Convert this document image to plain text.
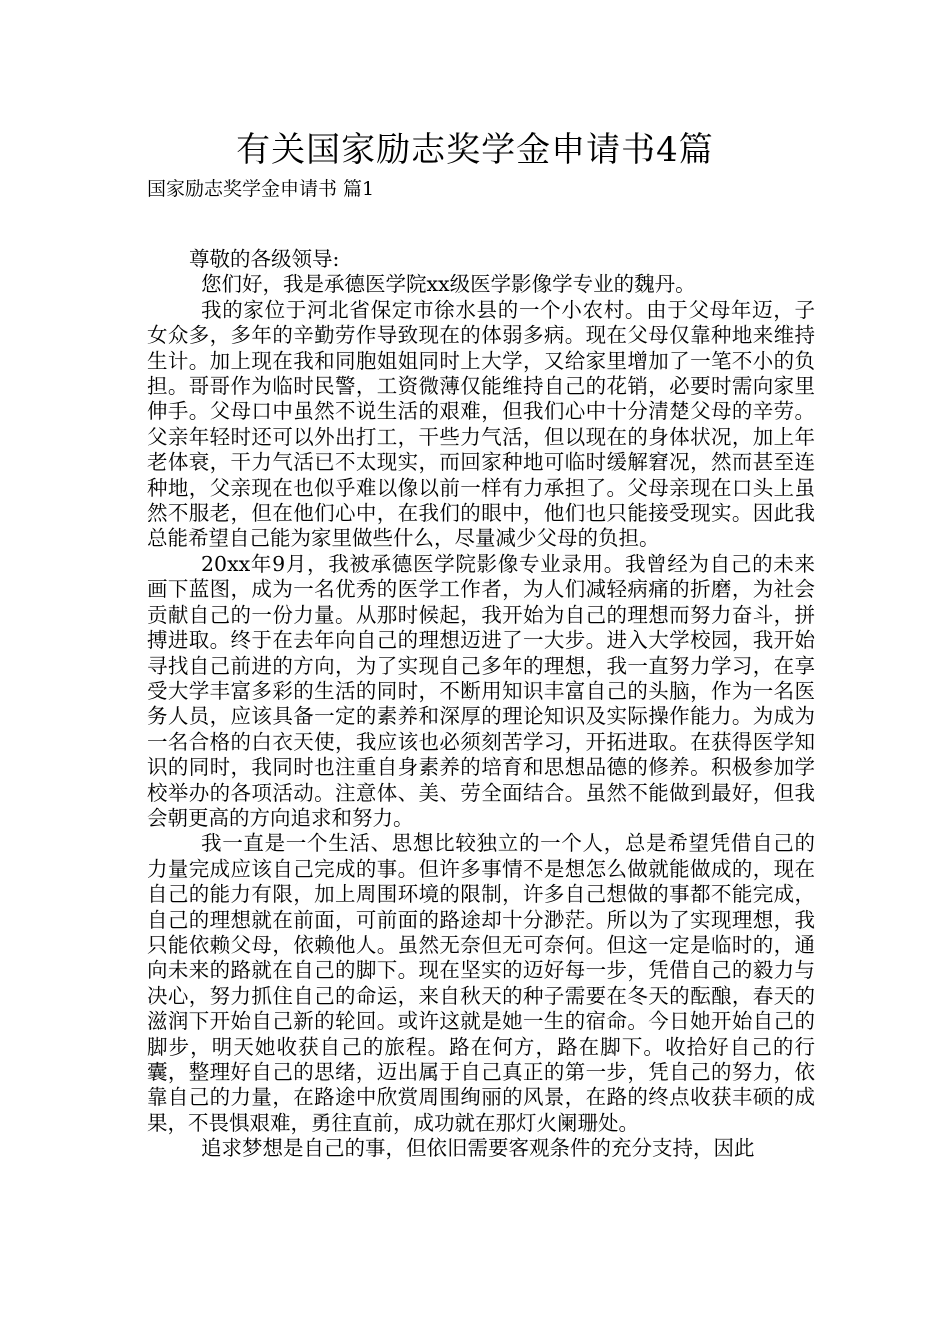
有关国家励志奖学金申请书4篇
国家励志奖学金申请书 篇1

尊敬的各级领导:

您们好，我是承德医学院xx级医学影像学专业的魏丹。

我的家位于河北省保定市徐水县的一个小农村。由于父母年迈，子女众多，多年的辛勤劳作导致现在的体弱多病。现在父母仅靠种地来维持生计。加上现在我和同胞姐姐同时上大学，又给家里增加了一笔不小的负担。哥哥作为临时民警，工资微薄仅能维持自己的花销，必要时需向家里伸手。父母口中虽然不说生活的艰难，但我们心中十分清楚父母的辛劳。父亲年轻时还可以外出打工，干些力气活，但以现在的身体状况，加上年老体衰，干力气活已不太现实，而回家种地可临时缓解窘况，然而甚至连种地，父亲现在也似乎难以像以前一样有力承担了。父母亲现在口头上虽然不服老，但在他们心中，在我们的眼中，他们也只能接受现实。因此我总能希望自己能为家里做些什么，尽量减少父母的负担。

20xx年9月，我被承德医学院影像专业录用。我曾经为自己的未来画下蓝图，成为一名优秀的医学工作者，为人们减轻病痛的折磨，为社会贡献自己的一份力量。从那时候起，我开始为自己的理想而努力奋斗，拼搏进取。终于在去年向自己的理想迈进了一大步。进入大学校园，我开始寻找自己前进的方向，为了实现自己多年的理想，我一直努力学习，在享受大学丰富多彩的生活的同时，不断用知识丰富自己的头脑，作为一名医务人员，应该具备一定的素养和深厚的理论知识及实际操作能力。为成为一名合格的白衣天使，我应该也必须刻苦学习，开拓进取。在获得医学知识的同时，我同时也注重自身素养的培育和思想品德的修养。积极参加学校举办的各项活动。注意体、美、劳全面结合。虽然不能做到最好，但我会朝更高的方向追求和努力。

我一直是一个生活、思想比较独立的一个人，总是希望凭借自己的力量完成应该自己完成的事。但许多事情不是想怎么做就能做成的，现在自己的能力有限，加上周围环境的限制，许多自己想做的事都不能完成，自己的理想就在前面，可前面的路途却十分渺茫。所以为了实现理想，我只能依赖父母，依赖他人。虽然无奈但无可奈何。但这一定是临时的，通向未来的路就在自己的脚下。现在坚实的迈好每一步，凭借自己的毅力与决心，努力抓住自己的命运，来自秋天的种子需要在冬天的酝酿，春天的滋润下开始自己新的轮回。或许这就是她一生的宿命。今日她开始自己的脚步，明天她收获自己的旅程。路在何方，路在脚下。收拾好自己的行囊，整理好自己的思绪，迈出属于自己真正的第一步，凭自己的努力，依靠自己的力量，在路途中欣赏周围绚丽的风景，在路的终点收获丰硕的成果，不畏惧艰难，勇往直前，成功就在那灯火阑珊处。

追求梦想是自己的事，但依旧需要客观条件的充分支持，因此
